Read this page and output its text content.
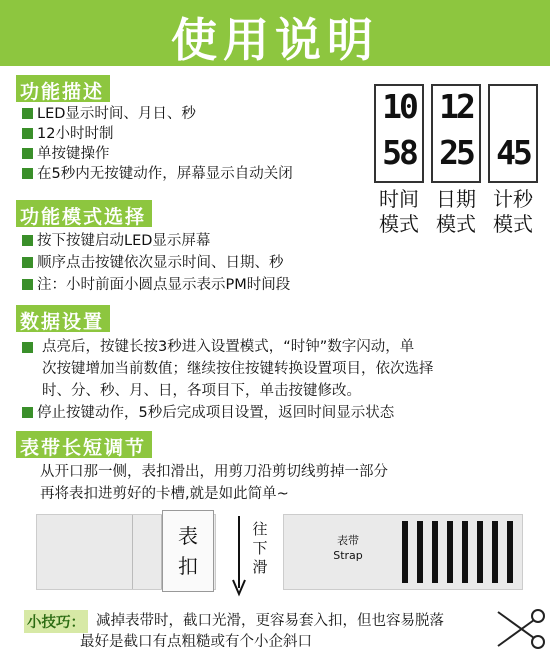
使用说明
功能描述
LED显示时间、月日、秒
12小时时制
单按键操作
在5秒内无按键动作，屏幕显示自动关闭
10
58
12
25 45
时间
模式
日期
模式
计秒
模式
功能模式选择
按下按键启动LED显示屏幕
顺序点击按键依次显示时间、日期、秒
注：小时前面小圆点显示表示PM时间段
数据设置
点亮后，按键长按3秒进入设置模式，“时钟”数字闪动，单
次按键增加当前数值；继续按住按键转换设置项目，依次选择
时、分、秒、月、日，各项目下，单击按键修改。
停止按键动作，5秒后完成项目设置，返回时间显示状态
表带长短调节
从开口那一侧，表扣滑出，用剪刀沿剪切线剪掉一部分
再将表扣进剪好的卡槽,就是如此简单~
表
扣
往
下
滑
表带
Strap
小技巧： 减掉表带时，截口光滑，更容易套入扣，但也容易脱落
最好是截口有点粗糙或有个小企斜口
